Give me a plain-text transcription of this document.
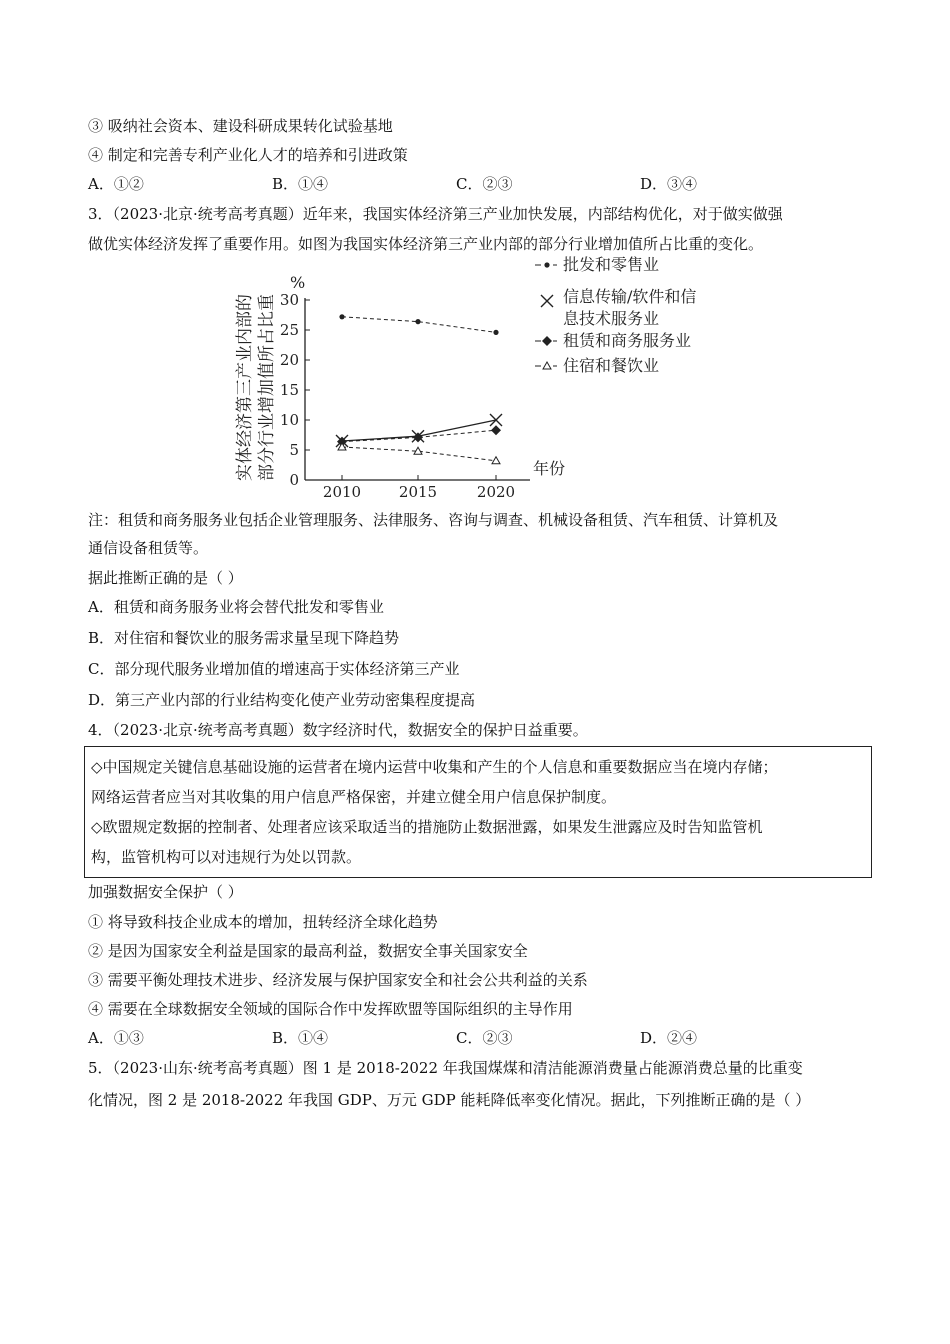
③ 吸纳社会资本、建设科研成果转化试验基地
④ 制定和完善专利产业化人才的培养和引进政策
A．①②	B．①④	C．②③	D．③④
3．（2023·北京·统考高考真题）近年来，我国实体经济第三产业加快发展，内部结构优化，对于做实做强
做优实体经济发挥了重要作用。如图为我国实体经济第三产业内部的部分行业增加值所占比重的变化。
实体经济第三产业内部的 部分行业增加值所占比重
%
年份
0
5
10
15
20
25
30
2010	2015	2020
批发和零售业
信息传输/软件和信
息技术服务业
租赁和商务服务业
住宿和餐饮业
注：租赁和商务服务业包括企业管理服务、法律服务、咨询与调查、机械设备租赁、汽车租赁、计算机及
通信设备租赁等。
据此推断正确的是（ ）
A．租赁和商务服务业将会替代批发和零售业
B．对住宿和餐饮业的服务需求量呈现下降趋势
C．部分现代服务业增加值的增速高于实体经济第三产业
D．第三产业内部的行业结构变化使产业劳动密集程度提高
4．（2023·北京·统考高考真题）数字经济时代，数据安全的保护日益重要。
◇中国规定关键信息基础设施的运营者在境内运营中收集和产生的个人信息和重要数据应当在境内存储；
网络运营者应当对其收集的用户信息严格保密，并建立健全用户信息保护制度。
◇欧盟规定数据的控制者、处理者应该采取适当的措施防止数据泄露，如果发生泄露应及时告知监管机
构，监管机构可以对违规行为处以罚款。
加强数据安全保护（ ）
① 将导致科技企业成本的增加，扭转经济全球化趋势
② 是因为国家安全利益是国家的最高利益，数据安全事关国家安全
③ 需要平衡处理技术进步、经济发展与保护国家安全和社会公共利益的关系
④ 需要在全球数据安全领域的国际合作中发挥欧盟等国际组织的主导作用
A．①③	B．①④	C．②③	D．②④
5．（2023·山东·统考高考真题）图 1 是 2018-2022 年我国煤煤和清洁能源消费量占能源消费总量的比重变
化情况，图 2 是 2018-2022 年我国 GDP、万元 GDP 能耗降低率变化情况。据此，下列推断正确的是（ ）
